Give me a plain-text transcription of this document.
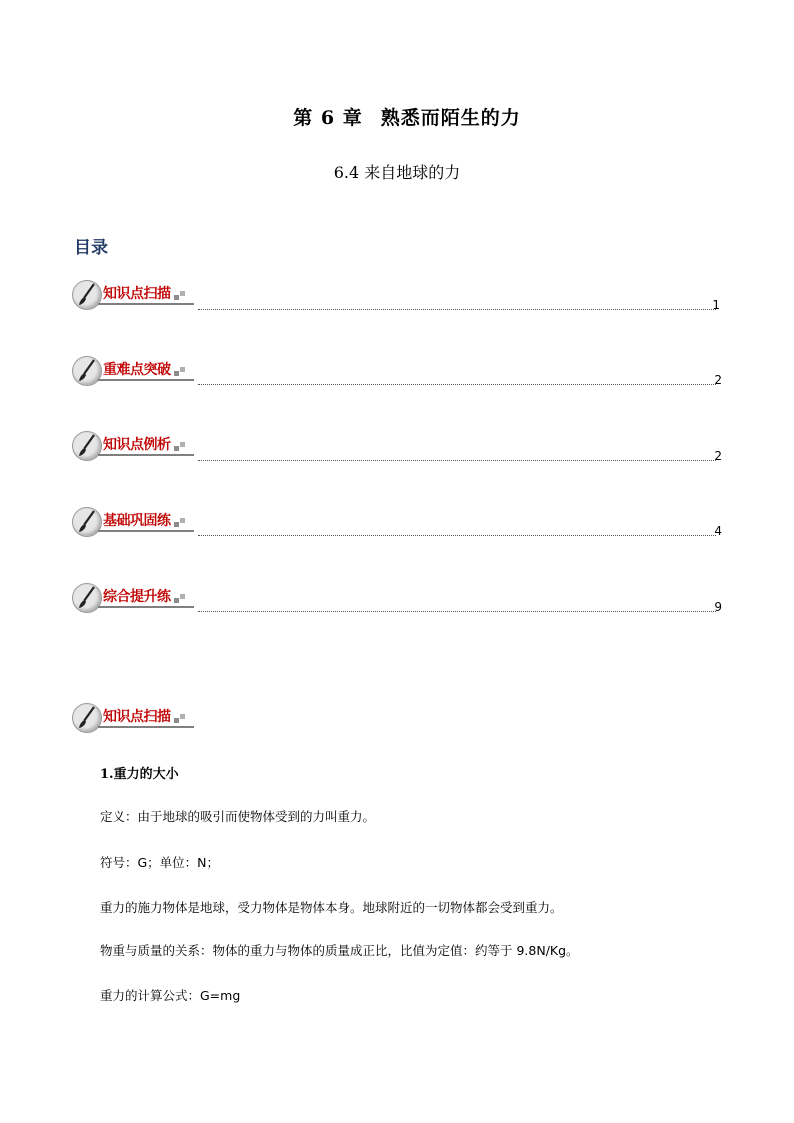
第 6 章 熟悉而陌生的力
6.4 来自地球的力
目录
知识点扫描
1
重难点突破
2
知识点例析
2
基础巩固练
4
综合提升练
9
知识点扫描
1.重力的大小
定义：由于地球的吸引而使物体受到的力叫重力。
符号：G；单位：N；
重力的施力物体是地球，受力物体是物体本身。地球附近的一切物体都会受到重力。
物重与质量的关系：物体的重力与物体的质量成正比，比值为定值：约等于 9.8N/Kg。
重力的计算公式：G=mg
